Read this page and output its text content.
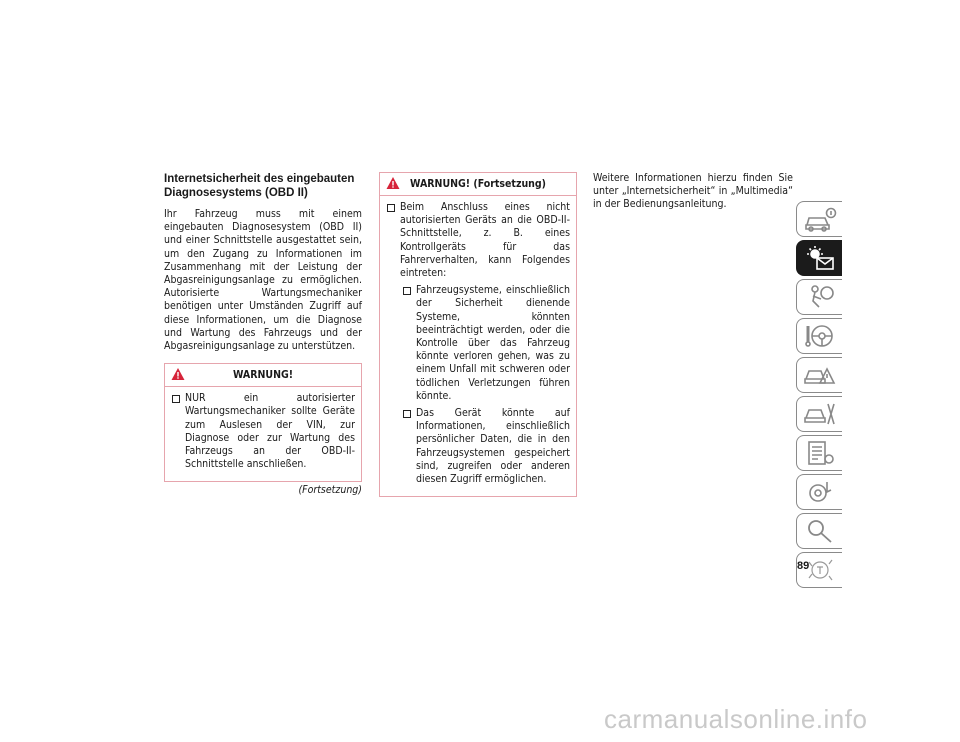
Internetsicherheit des eingebauten
Diagnosesystems (OBD II)

Ihr Fahrzeug muss mit einem eingebauten Diagnosesystem (OBD II) und einer Schnittstelle ausgestattet sein, um den Zugang zu Informationen im Zusammenhang mit der Leistung der Abgasreinigungsanlage zu ermöglichen. Autorisierte Wartungsmechaniker benötigen unter Umständen Zugriff auf diese Informationen, um die Diagnose und Wartung des Fahrzeugs und der Abgasreinigungsanlage zu unterstützen.

WARNUNG!

NUR ein autorisierter Wartungsmechaniker sollte Geräte zum Auslesen der VIN, zur Diagnose oder zur Wartung des Fahrzeugs an der OBD-II-Schnittstelle anschließen.

(Fortsetzung)
WARNUNG! (Fortsetzung)

Beim Anschluss eines nicht autorisierten Geräts an die OBD-II-Schnittstelle, z. B. eines Kontrollgeräts für das Fahrerverhalten, kann Folgendes eintreten:

Fahrzeugsysteme, einschließlich der Sicherheit dienende Systeme, könnten beeinträchtigt werden, oder die Kontrolle über das Fahrzeug könnte verloren gehen, was zu einem Unfall mit schweren oder tödlichen Verletzungen führen könnte.

Das Gerät könnte auf Informationen, einschließlich persönlicher Daten, die in den Fahrzeugsystemen gespeichert sind, zugreifen oder anderen diesen Zugriff ermöglichen.

Weitere Informationen hierzu finden Sie unter „Internetsicherheit“ in „Multimedia“ in der Bedienungsanleitung.

89
carmanualsonline.info
